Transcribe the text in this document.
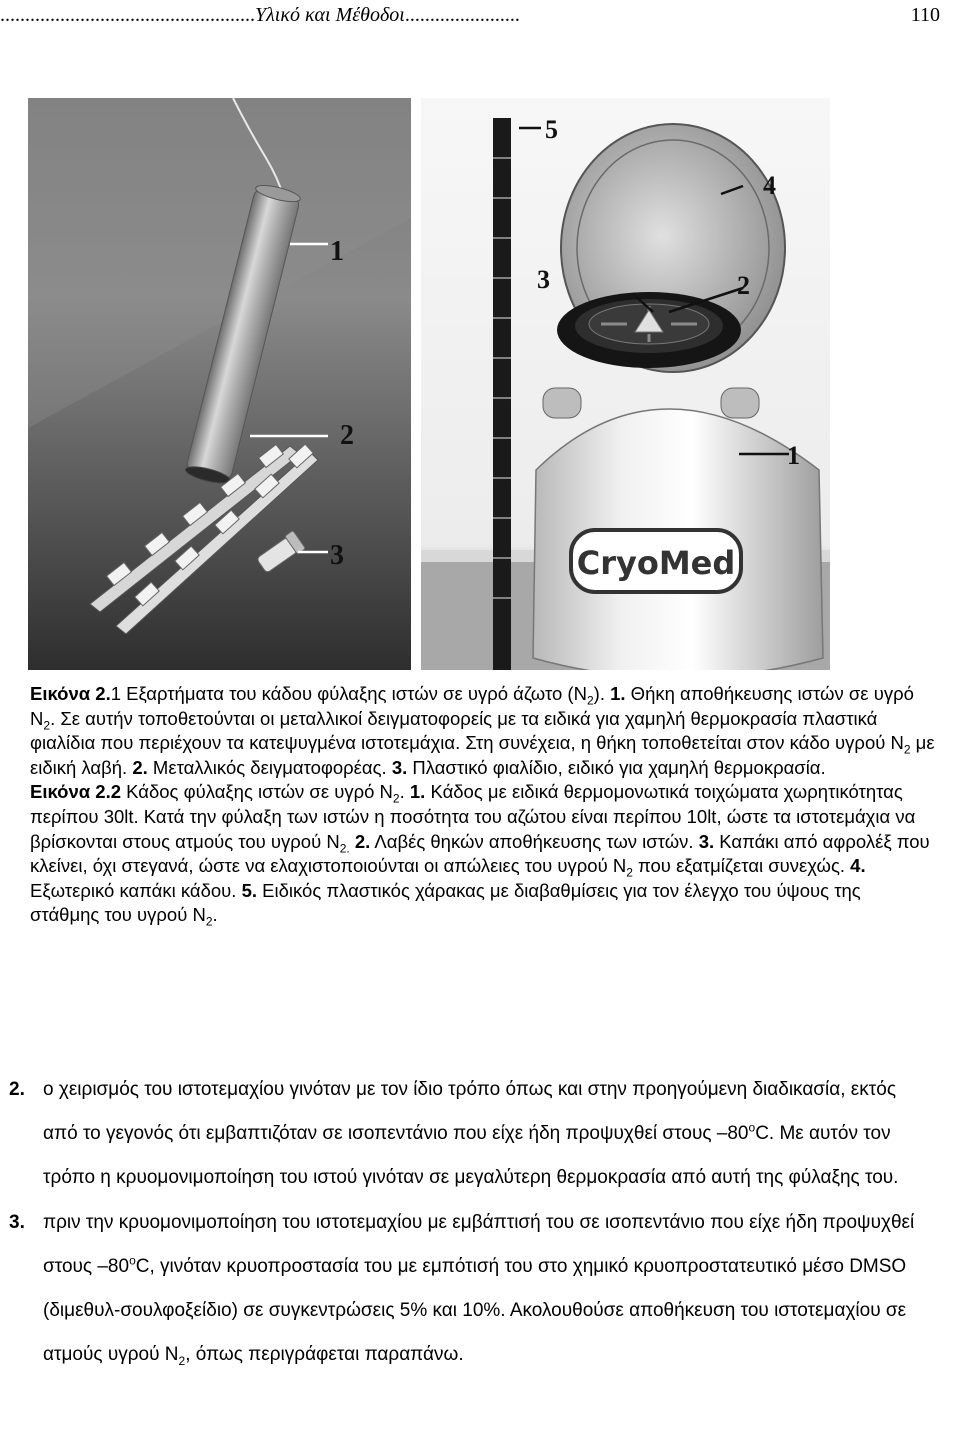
...................................................Υλικό και Μέθοδοι.......................	110
1
2
3	CryoMed
5
4
3	2
1

Εικόνα 2.1 Εξαρτήματα του κάδου φύλαξης ιστών σε υγρό άζωτο $(N_2)$. 1. Θήκη αποθήκευσης ιστών σε υγρό $N_2$. Σε αυτήν τοποθετούνται οι μεταλλικοί δειγματοφορείς με τα ειδικά για χαμηλή θερμοκρασία πλαστικά φιαλίδια που περιέχουν τα κατεψυγμένα ιστοτεμάχια. Στη συνέχεια, η θήκη τοποθετείται στον κάδο υγρού $N_2$ με ειδική λαβή. 2. Μεταλλικός δειγματοφορέας. 3. Πλαστικό φιαλίδιο, ειδικό για χαμηλή θερμοκρασία.

Εικόνα 2.2 Κάδος φύλαξης ιστών σε υγρό $N_2$. 1. Κάδος με ειδικά θερμομονωτικά τοιχώματα χωρητικότητας περίπου 30lt. Κατά την φύλαξη των ιστών η ποσότητα του αζώτου είναι περίπου 10lt, ώστε τα ιστοτεμάχια να βρίσκονται στους ατμούς του υγρού $N_{2.}$ 2. Λαβές θηκών αποθήκευσης των ιστών. 3. Καπάκι από αφρολέξ που κλείνει, όχι στεγανά, ώστε να ελαχιστοποιούνται οι απώλειες του υγρού $N_2$ που εξατμίζεται συνεχώς. 4. Εξωτερικό καπάκι κάδου. 5. Ειδικός πλαστικός χάρακας με διαβαθμίσεις για τον έλεγχο του ύψους της στάθμης του υγρού $N_2$.

2. ο χειρισμός του ιστοτεμαχίου γινόταν με τον ίδιο τρόπο όπως και στην προηγούμενη διαδικασία, εκτός από το γεγονός ότι εμβαπτιζόταν σε ισοπεντάνιο που είχε ήδη προψυχθεί στους $-80^oC$. Με αυτόν τον τρόπο η κρυομονιμοποίηση του ιστού γινόταν σε μεγαλύτερη θερμοκρασία από αυτή της φύλαξης του.
3. πριν την κρυομονιμοποίηση του ιστοτεμαχίου με εμβάπτισή του σε ισοπεντάνιο που είχε ήδη προψυχθεί στους $-80^oC$, γινόταν κρυοπροστασία του με εμπότισή του στο χημικό κρυοπροστατευτικό μέσο DMSO (διμεθυλ-σουλφοξείδιο) σε συγκεντρώσεις 5% και 10%. Ακολουθούσε αποθήκευση του ιστοτεμαχίου σε ατμούς υγρού $N_2$, όπως περιγράφεται παραπάνω.
